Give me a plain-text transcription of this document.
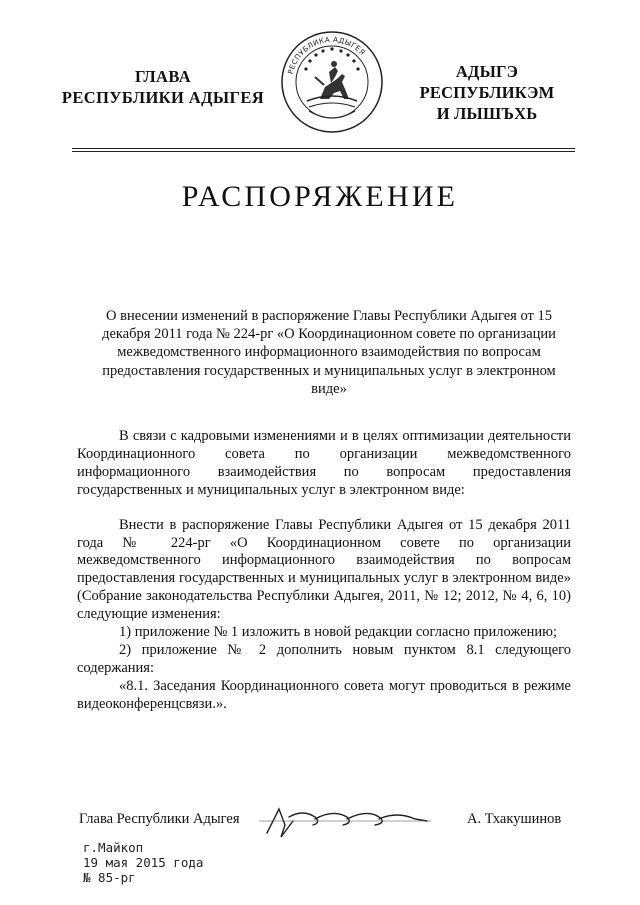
ГЛАВА
РЕСПУБЛИКИ АДЫГЕЯ
РЕСПУБЛИКА АДЫГЕЯ
АДЫГЭ РЕСПУБЛИКЭМ
И ЛЫШЪХЬ
РАСПОРЯЖЕНИЕ
О внесении изменений в распоряжение Главы Республики Адыгея от 15 декабря 2011 года № 224-рг «О Координационном совете по организации межведомственного информационного взаимодействия по вопросам предоставления государственных и муниципальных услуг в электронном виде»

В связи с кадровыми изменениями и в целях оптимизации деятельности Координационного совета по организации межведомственного информационного взаимодействия по вопросам предоставления государственных и муниципальных услуг в электронном виде:

Внести в распоряжение Главы Республики Адыгея от 15 декабря 2011 года № 224-рг «О Координационном совете по организации межведомственного информационного взаимодействия по вопросам предоставления государственных и муниципальных услуг в электронном виде» (Собрание законодательства Республики Адыгея, 2011, № 12; 2012, № 4, 6, 10) следующие изменения:

1) приложение № 1 изложить в новой редакции согласно приложению;

2) приложение № 2 дополнить новым пунктом 8.1 следующего содержания:

«8.1. Заседания Координационного совета могут проводиться в режиме видеоконференцсвязи.».

Глава Республики Адыгея	А. Тхакушинов
г.Майкоп
19 мая 2015 года
№ 85-рг
